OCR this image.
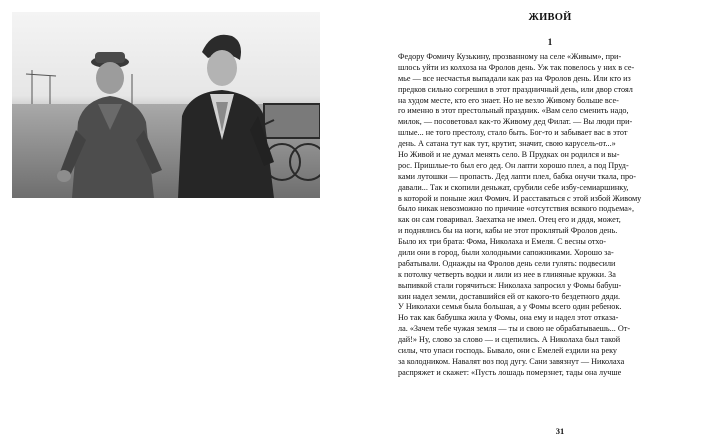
ЖИВОЙ
1
Федору Фомичу Кузькину, прозванному на селе «Живым», при-
шлось уйти из колхоза на Фролов день. Уж так повелось у них в се-
мье — все несчастья выпадали как раз на Фролов день. Или кто из
предков сильно согрешил в этот праздничный день, или двор стоял
на худом месте, кто его знает. Но не везло Живому больше все-
го именно в этот престольный праздник. «Вам село сменить надо,
милок, — посоветовал как-то Живому дед Филат. — Вы люди при-
шлые... не того престолу, стало быть. Бог-то и забывает вас в этот
день. А сатана тут как тут, крутит, значит, свою карусель-от...»
Но Живой и не думал менять село. В Прудках он родился и вы-
рос. Пришлые-то был его дед. Он лапти хорошо плел, а под Пруд-
ками лутошки — пропасть. Дед лапти плел, бабка онучи ткала, про-
давали... Так и скопили деньжат, срубили себе избу-семиаршинку,
в которой и поныне жил Фомич. И расставаться с этой избой Живому
было никак невозможно по причине «отсутствия всякого подъема»,
как он сам говаривал. Заехатка не имел. Отец его и дядя, может,
и поднялись бы на ноги, кабы не этот проклятый Фролов день.
Было их три брата: Фома, Николаха и Емеля. С весны отхо-
дили они в город, были холодными сапожниками. Хорошо за-
рабатывали. Однажды на Фролов день сели гулять: подвесили
к потолку четверть водки и лили из нее в глиняные кружки. За
выпивкой стали горячиться: Николаха запросил у Фомы бабуш-
кин надел земли, доставшийся ей от какого-то бездетного дяди.
У Николахи семья была большая, а у Фомы всего один ребенок.
Но так как бабушка жила у Фомы, она ему и надел этот отказа-
ла. «Зачем тебе чужая земля — ты и свою не обрабатываешь... От-
дай!» Ну, слово за слово — и сцепились. А Николаха был такой
силы, что упаси господь. Бывало, они с Емелей ездили на реку
за колодником. Навалят воз под дугу. Сани завязнут — Николаха
распряжет и скажет: «Пусть лошадь померзнет, тады она лучше
31
